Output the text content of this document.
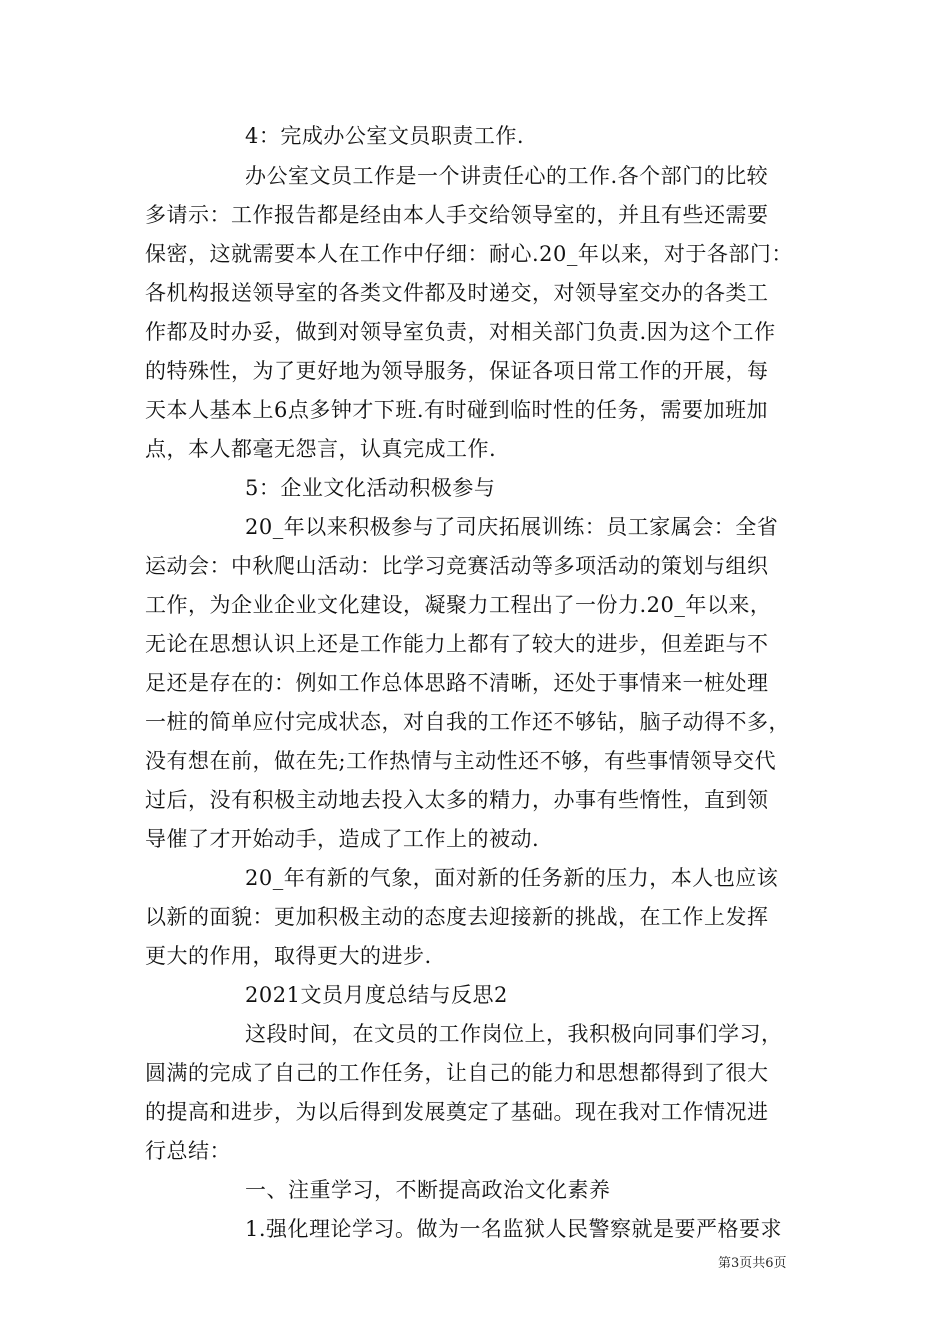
4：完成办公室文员职责工作.
办公室文员工作是一个讲责任心的工作.各个部门的比较
多请示：工作报告都是经由本人手交给领导室的，并且有些还需要
保密，这就需要本人在工作中仔细：耐心.20_年以来，对于各部门：
各机构报送领导室的各类文件都及时递交，对领导室交办的各类工
作都及时办妥，做到对领导室负责，对相关部门负责.因为这个工作
的特殊性，为了更好地为领导服务，保证各项日常工作的开展，每
天本人基本上6点多钟才下班.有时碰到临时性的任务，需要加班加
点，本人都毫无怨言，认真完成工作.
5：企业文化活动积极参与
20_年以来积极参与了司庆拓展训练：员工家属会：全省
运动会：中秋爬山活动：比学习竞赛活动等多项活动的策划与组织
工作，为企业企业文化建设，凝聚力工程出了一份力.20_年以来，
无论在思想认识上还是工作能力上都有了较大的进步，但差距与不
足还是存在的：例如工作总体思路不清晰，还处于事情来一桩处理
一桩的简单应付完成状态，对自我的工作还不够钻，脑子动得不多，
没有想在前，做在先;工作热情与主动性还不够，有些事情领导交代
过后，没有积极主动地去投入太多的精力，办事有些惰性，直到领
导催了才开始动手，造成了工作上的被动.
20_年有新的气象，面对新的任务新的压力，本人也应该
以新的面貌：更加积极主动的态度去迎接新的挑战，在工作上发挥
更大的作用，取得更大的进步.
2021文员月度总结与反思2
这段时间，在文员的工作岗位上，我积极向同事们学习，
圆满的完成了自己的工作任务，让自己的能力和思想都得到了很大
的提高和进步，为以后得到发展奠定了基础。现在我对工作情况进
行总结：
一、注重学习，不断提高政治文化素养
1.强化理论学习。做为一名监狱人民警察就是要严格要求
第3页共6页
